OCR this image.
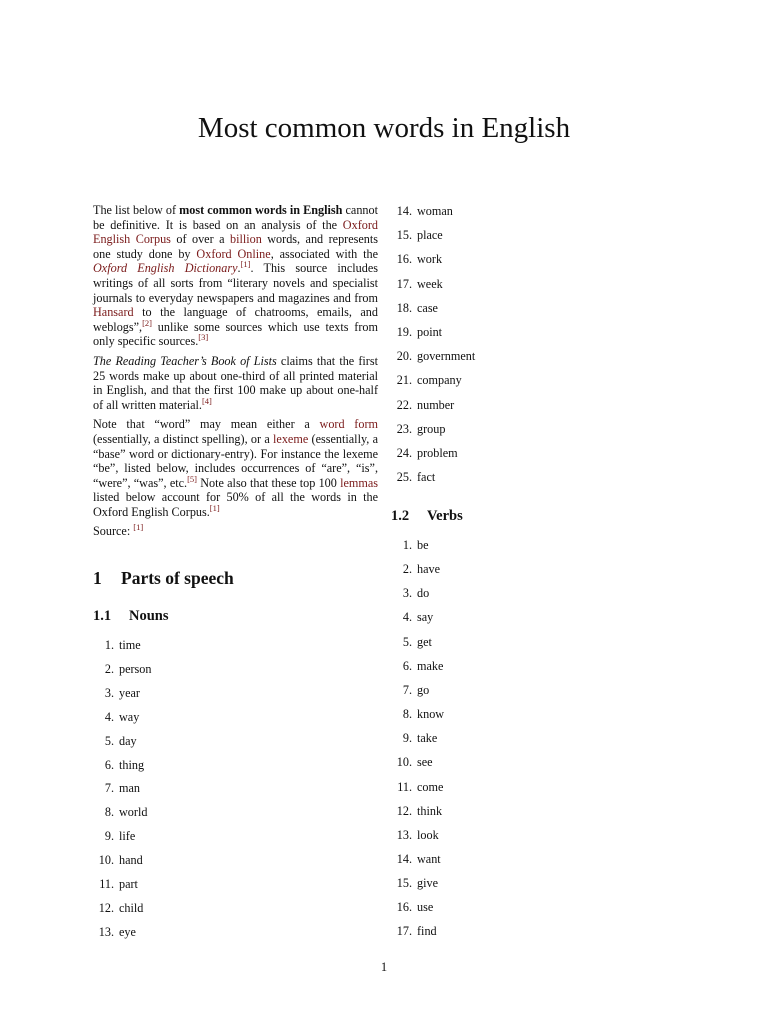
Most common words in English

The list below of most common words in English cannot be definitive. It is based on an analysis of the Oxford English Corpus of over a billion words, and represents one study done by Oxford Online, associated with the Oxford English Dictionary.[1]. This source includes writings of all sorts from “literary novels and specialist journals to everyday newspapers and magazines and from Hansard to the language of chatrooms, emails, and weblogs”,[2] unlike some sources which use texts from only specific sources.[3]

The Reading Teacher’s Book of Lists claims that the first 25 words make up about one-third of all printed material in English, and that the first 100 make up about one-half of all written material.[4]

Note that “word” may mean either a word form (essentially, a distinct spelling), or a lexeme (essentially, a “base” word or dictionary-entry). For instance the lexeme “be”, listed below, includes occurrences of “are”, “is”, “were”, “was”, etc.[5] Note also that these top 100 lemmas listed below account for 50% of all the words in the Oxford English Corpus.[1]

Source: [1]

1 Parts of speech
1.1 Nouns
1.2 Verbs
1. time
2. person
3. year
4. way
5. day
6. thing
7. man
8. world
9. life
10. hand
11. part
12. child
13. eye
14. woman
15. place
16. work
17. week
18. case
19. point
20. government
21. company
22. number
23. group
24. problem
25. fact
1. be
2. have
3. do
4. say
5. get
6. make
7. go
8. know
9. take
10. see
11. come
12. think
13. look
14. want
15. give
16. use
17. find
1
